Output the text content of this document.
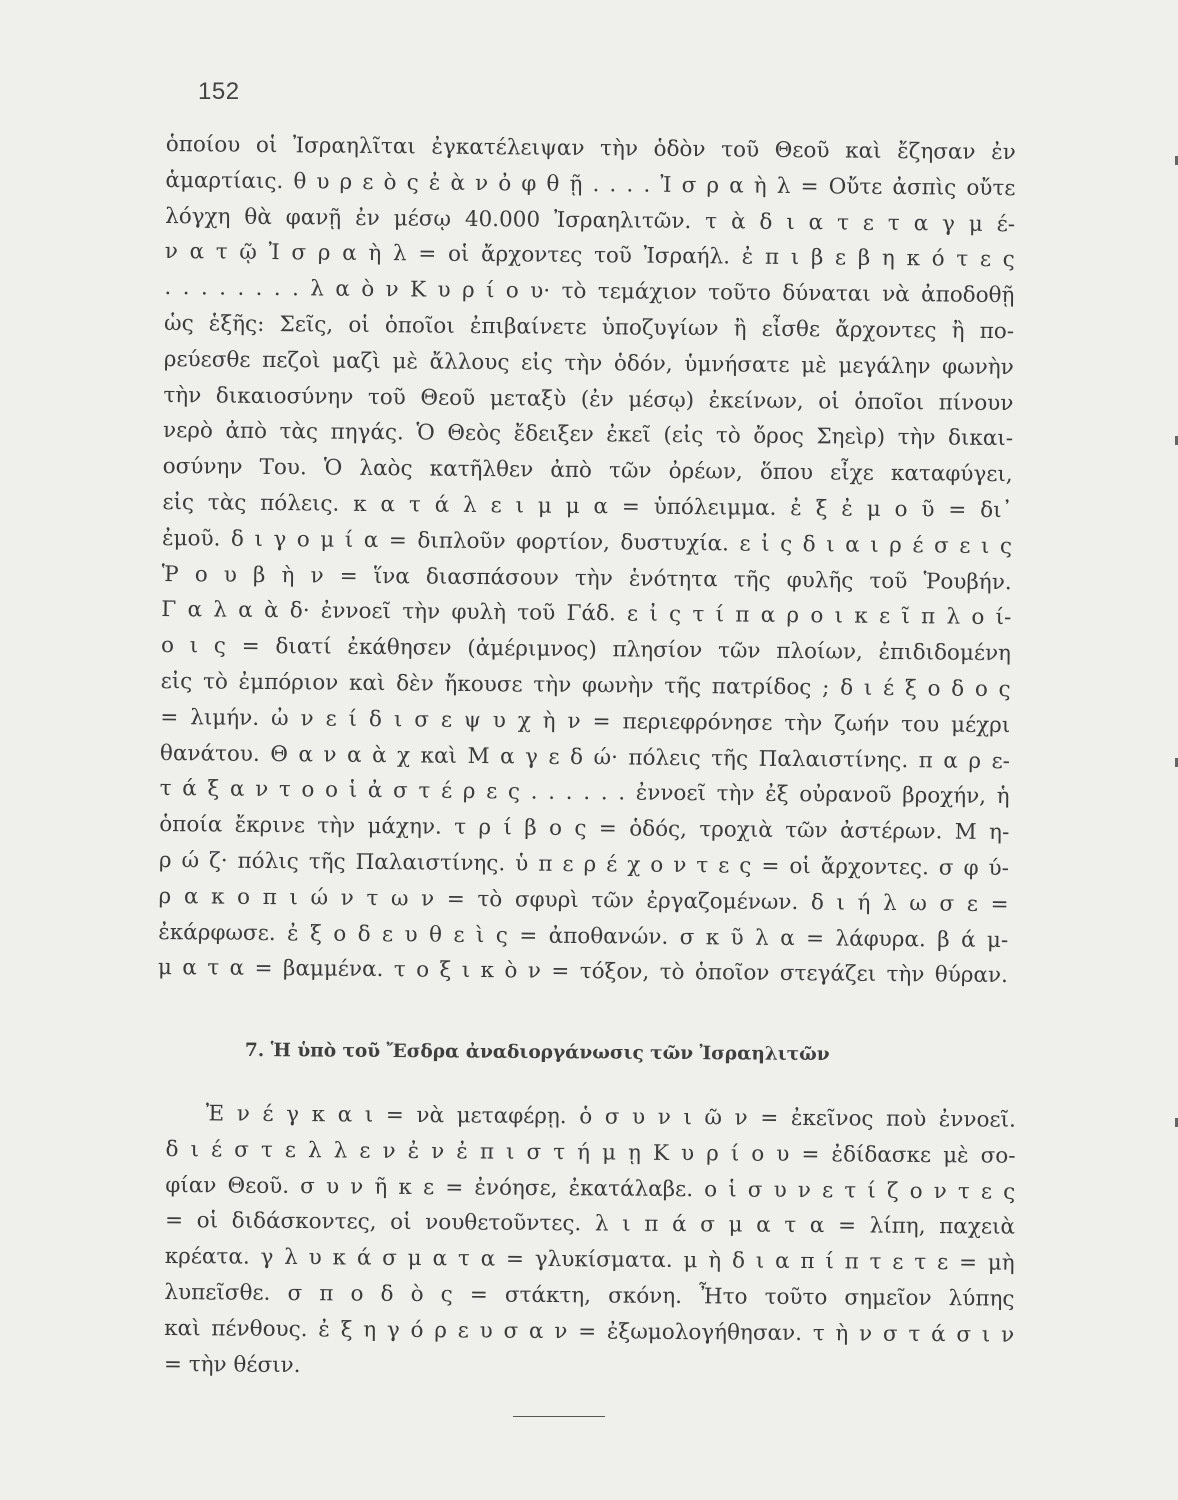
152
ὁποίου οἱ Ἰσραηλῖται ἐγκατέλειψαν τὴν ὁδὸν τοῦ Θεοῦ καὶ ἔζησαν ἐν
ἁμαρτίαις. θ υ ρ ε ὸ ς ἐ ὰ ν ὀ φ θ ῇ . . . . Ἰ σ ρ α ὴ λ = Οὔτε ἀσπὶς οὔτε
λόγχη θὰ φανῇ ἐν μέσῳ 40.000 Ἰσραηλιτῶν. τ ὰ δ ι α τ ε τ α γ μ έ-
ν α τ ῷ Ἰ σ ρ α ὴ λ = οἱ ἄρχοντες τοῦ Ἰσραήλ. ἐ π ι β ε β η κ ό τ ε ς
. . . . . . . . λ α ὸ ν Κ υ ρ ί ο υ· τὸ τεμάχιον τοῦτο δύναται νὰ ἀποδοθῇ
ὡς ἑξῆς: Σεῖς, οἱ ὁποῖοι ἐπιβαίνετε ὑποζυγίων ἢ εἶσθε ἄρχοντες ἢ πο-
ρεύεσθε πεζοὶ μαζὶ μὲ ἄλλους εἰς τὴν ὁδόν, ὑμνήσατε μὲ μεγάλην φωνὴν
τὴν δικαιοσύνην τοῦ Θεοῦ μεταξὺ (ἐν μέσῳ) ἐκείνων, οἱ ὁποῖοι πίνουν
νερὸ ἀπὸ τὰς πηγάς. Ὁ Θεὸς ἔδειξεν ἐκεῖ (εἰς τὸ ὄρος Σηεὶρ) τὴν δικαι-
οσύνην Του. Ὁ λαὸς κατῆλθεν ἀπὸ τῶν ὀρέων, ὅπου εἶχε καταφύγει,
εἰς τὰς πόλεις. κ α τ ά λ ε ι μ μ α = ὑπόλειμμα. ἐ ξ ἐ μ ο ῦ = δι᾽
ἐμοῦ. δ ι γ ο μ ί α = διπλοῦν φορτίον, δυστυχία. ε ἰ ς δ ι α ι ρ έ σ ε ι ς
Ῥ ο υ β ὴ ν = ἵνα διασπάσουν τὴν ἑνότητα τῆς φυλῆς τοῦ Ῥουβήν.
Γ α λ α ὰ δ· ἐννοεῖ τὴν φυλὴ τοῦ Γάδ. ε ἰ ς τ ί π α ρ ο ι κ ε ῖ π λ ο ί-
ο ι ς = διατί ἐκάθησεν (ἀμέριμνος) πλησίον τῶν πλοίων, ἐπιδιδομένη
εἰς τὸ ἐμπόριον καὶ δὲν ἤκουσε τὴν φωνὴν τῆς πατρίδος ; δ ι έ ξ ο δ ο ς
= λιμήν. ὠ ν ε ί δ ι σ ε ψ υ χ ὴ ν = περιεφρόνησε τὴν ζωήν του μέχρι
θανάτου. Θ α ν α ὰ χ καὶ Μ α γ ε δ ώ· πόλεις τῆς Παλαιστίνης. π α ρ ε-
τ ά ξ α ν τ ο ο ἱ ἀ σ τ έ ρ ε ς . . . . . . ἐννοεῖ τὴν ἐξ οὐρανοῦ βροχήν, ἡ
ὁποία ἔκρινε τὴν μάχην. τ ρ ί β ο ς = ὁδός, τροχιὰ τῶν ἀστέρων. Μ η-
ρ ώ ζ· πόλις τῆς Παλαιστίνης. ὑ π ε ρ έ χ ο ν τ ε ς = οἱ ἄρχοντες. σ φ ύ-
ρ α κ ο π ι ώ ν τ ω ν = τὸ σφυρὶ τῶν ἐργαζομένων. δ ι ή λ ω σ ε =
ἐκάρφωσε. ἐ ξ ο δ ε υ θ ε ὶ ς = ἀποθανών. σ κ ῦ λ α = λάφυρα. β ά μ-
μ α τ α = βαμμένα. τ ο ξ ι κ ὸ ν = τόξον, τὸ ὁποῖον στεγάζει τὴν θύραν.
7. Ἡ ὑπὸ τοῦ Ἔσδρα ἀναδιοργάνωσις τῶν Ἰσραηλιτῶν
Ἐ ν έ γ κ α ι = νὰ μεταφέρῃ. ὁ σ υ ν ι ῶ ν = ἐκεῖνος ποὺ ἐννοεῖ.
δ ι έ σ τ ε λ λ ε ν ἐ ν ἐ π ι σ τ ή μ ῃ Κ υ ρ ί ο υ = ἐδίδασκε μὲ σο-
φίαν Θεοῦ. σ υ ν ῆ κ ε = ἐνόησε, ἐκατάλαβε. ο ἱ σ υ ν ε τ ί ζ ο ν τ ε ς
= οἱ διδάσκοντες, οἱ νουθετοῦντες. λ ι π ά σ μ α τ α = λίπη, παχειὰ
κρέατα. γ λ υ κ ά σ μ α τ α = γλυκίσματα. μ ὴ δ ι α π ί π τ ε τ ε = μὴ
λυπεῖσθε. σ π ο δ ὸ ς = στάκτη, σκόνη. Ἦτο τοῦτο σημεῖον λύπης
καὶ πένθους. ἐ ξ η γ ό ρ ε υ σ α ν = ἐξωμολογήθησαν. τ ὴ ν σ τ ά σ ι ν
= τὴν θέσιν.
